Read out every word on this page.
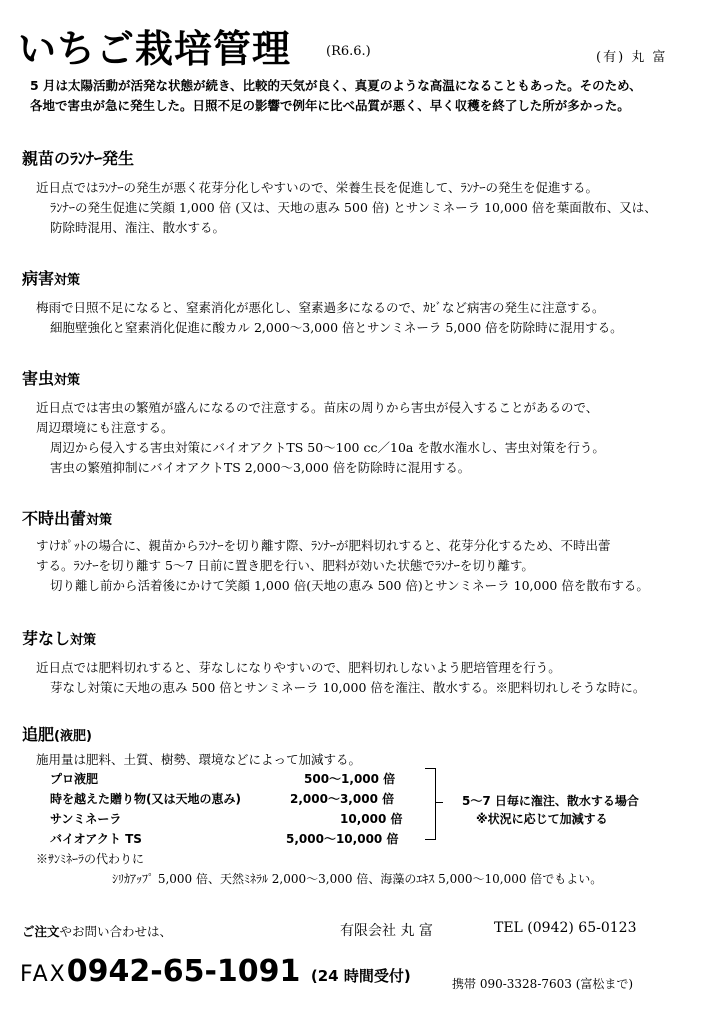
いちご栽培管理	(R6.6.)	(有) 丸 富
5 月は太陽活動が活発な状態が続き、比較的天気が良く、真夏のような高温になることもあった。そのため、
各地で害虫が急に発生した。日照不足の影響で例年に比べ品質が悪く、早く収穫を終了した所が多かった。
親苗のﾗﾝﾅｰ発生
近日点ではﾗﾝﾅｰの発生が悪く花芽分化しやすいので、栄養生長を促進して、ﾗﾝﾅｰの発生を促進する。
ﾗﾝﾅｰの発生促進に笑顔 1,000 倍 (又は、天地の恵み 500 倍) とサンミネーラ 10,000 倍を葉面散布、又は、
防除時混用、潅注、散水する。
病害対策
梅雨で日照不足になると、窒素消化が悪化し、窒素過多になるので、ｶﾋﾞなど病害の発生に注意する。
細胞壁強化と窒素消化促進に酸カル 2,000～3,000 倍とサンミネーラ 5,000 倍を防除時に混用する。
害虫対策
近日点では害虫の繁殖が盛んになるので注意する。苗床の周りから害虫が侵入することがあるので、
周辺環境にも注意する。
周辺から侵入する害虫対策にバイオアクトTS 50～100 cc／10a を散水潅水し、害虫対策を行う。
害虫の繁殖抑制にバイオアクトTS 2,000～3,000 倍を防除時に混用する。
不時出蕾対策
すけﾎﾟｯﾄの場合に、親苗からﾗﾝﾅｰを切り離す際、ﾗﾝﾅｰが肥料切れすると、花芽分化するため、不時出蕾
する。ﾗﾝﾅｰを切り離す 5～7 日前に置き肥を行い、肥料が効いた状態でﾗﾝﾅｰを切り離す。
切り離し前から活着後にかけて笑顔 1,000 倍(天地の恵み 500 倍)とサンミネーラ 10,000 倍を散布する。
芽なし対策
近日点では肥料切れすると、芽なしになりやすいので、肥料切れしないよう肥培管理を行う。
芽なし対策に天地の恵み 500 倍とサンミネーラ 10,000 倍を潅注、散水する。※肥料切れしそうな時に。
追肥(液肥)
施用量は肥料、土質、樹勢、環境などによって加減する。
プロ液肥	500～1,000 倍
時を越えた贈り物(又は天地の恵み)	2,000～3,000 倍
サンミネーラ	10,000 倍
バイオアクト TS	5,000～10,000 倍
5～7 日毎に潅注、散水する場合
※状況に応じて加減する
※ｻﾝﾐﾈｰﾗの代わりに
ｼﾘｶｱｯﾌﾟ 5,000 倍、天然ﾐﾈﾗﾙ 2,000～3,000 倍、海藻のｴｷｽ 5,000～10,000 倍でもよい。
ご注文やお問い合わせは、	有限会社 丸 富	TEL (0942) 65-0123
FAX0942-65-1091 (24 時間受付)	携帯 090-3328-7603 (富松まで)
